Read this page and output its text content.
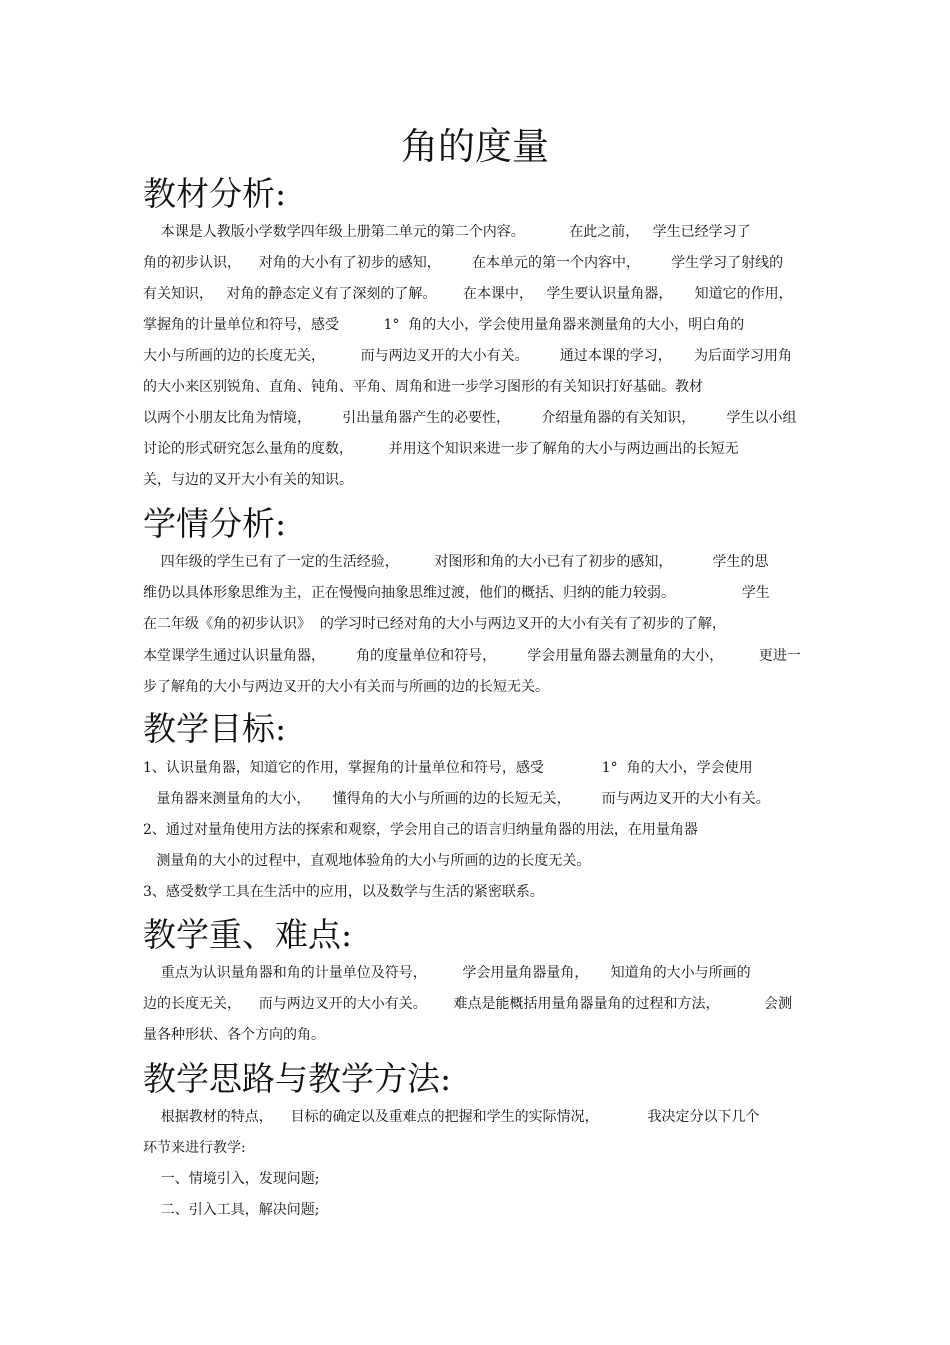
角的度量
教材分析:

本课是人教版小学数学四年级上册第二单元的第二个内容。          在此之前，   学生已经学习了

角的初步认识，    对角的大小有了初步的感知，       在本单元的第一个内容中，       学生学习了射线的

有关知识，   对角的静态定义有了深刻的了解。      在本课中，   学生要认识量角器，     知道它的作用，

掌握角的计量单位和符号，感受          1°  角的大小，学会使用量角器来测量角的大小，明白角的

大小与所画的边的长度无关，        而与两边叉开的大小有关。       通过本课的学习，     为后面学习用角

的大小来区别锐角、直角、钝角、平角、周角和进一步学习图形的有关知识打好基础。教材

以两个小朋友比角为情境，       引出量角器产生的必要性，       介绍量角器的有关知识，       学生以小组

讨论的形式研究怎么量角的度数，        并用这个知识来进一步了解角的大小与两边画出的长短无

关，与边的叉开大小有关的知识。

学情分析:

四年级的学生已有了一定的生活经验，        对图形和角的大小已有了初步的感知，         学生的思

维仍以具体形象思维为主，正在慢慢向抽象思维过渡，他们的概括、归纳的能力较弱。               学生

在二年级《角的初步认识》  的学习时已经对角的大小与两边叉开的大小有关有了初步的了解，

本堂课学生通过认识量角器，       角的度量单位和符号，       学会用量角器去测量角的大小，        更进一

步了解角的大小与两边叉开的大小有关而与所画的边的长短无关。

教学目标:

1、认识量角器，知道它的作用，掌握角的计量单位和符号，感受             1°  角的大小，学会使用

量角器来测量角的大小，     懂得角的大小与所画的边的长短无关，       而与两边叉开的大小有关。

2、通过对量角使用方法的探索和观察，学会用自己的语言归纳量角器的用法，在用量角器

测量角的大小的过程中，直观地体验角的大小与所画的边的长度无关。

3、感受数学工具在生活中的应用，以及数学与生活的紧密联系。

教学重、难点:

重点为认识量角器和角的计量单位及符号，        学会用量角器量角，     知道角的大小与所画的

边的长度无关，    而与两边叉开的大小有关。      难点是能概括用量角器量角的过程和方法，          会测

量各种形状、各个方向的角。

教学思路与教学方法:

根据教材的特点，    目标的确定以及重难点的把握和学生的实际情况，           我决定分以下几个

环节来进行教学:

一、情境引入，发现问题;

二、引入工具，解决问题;
